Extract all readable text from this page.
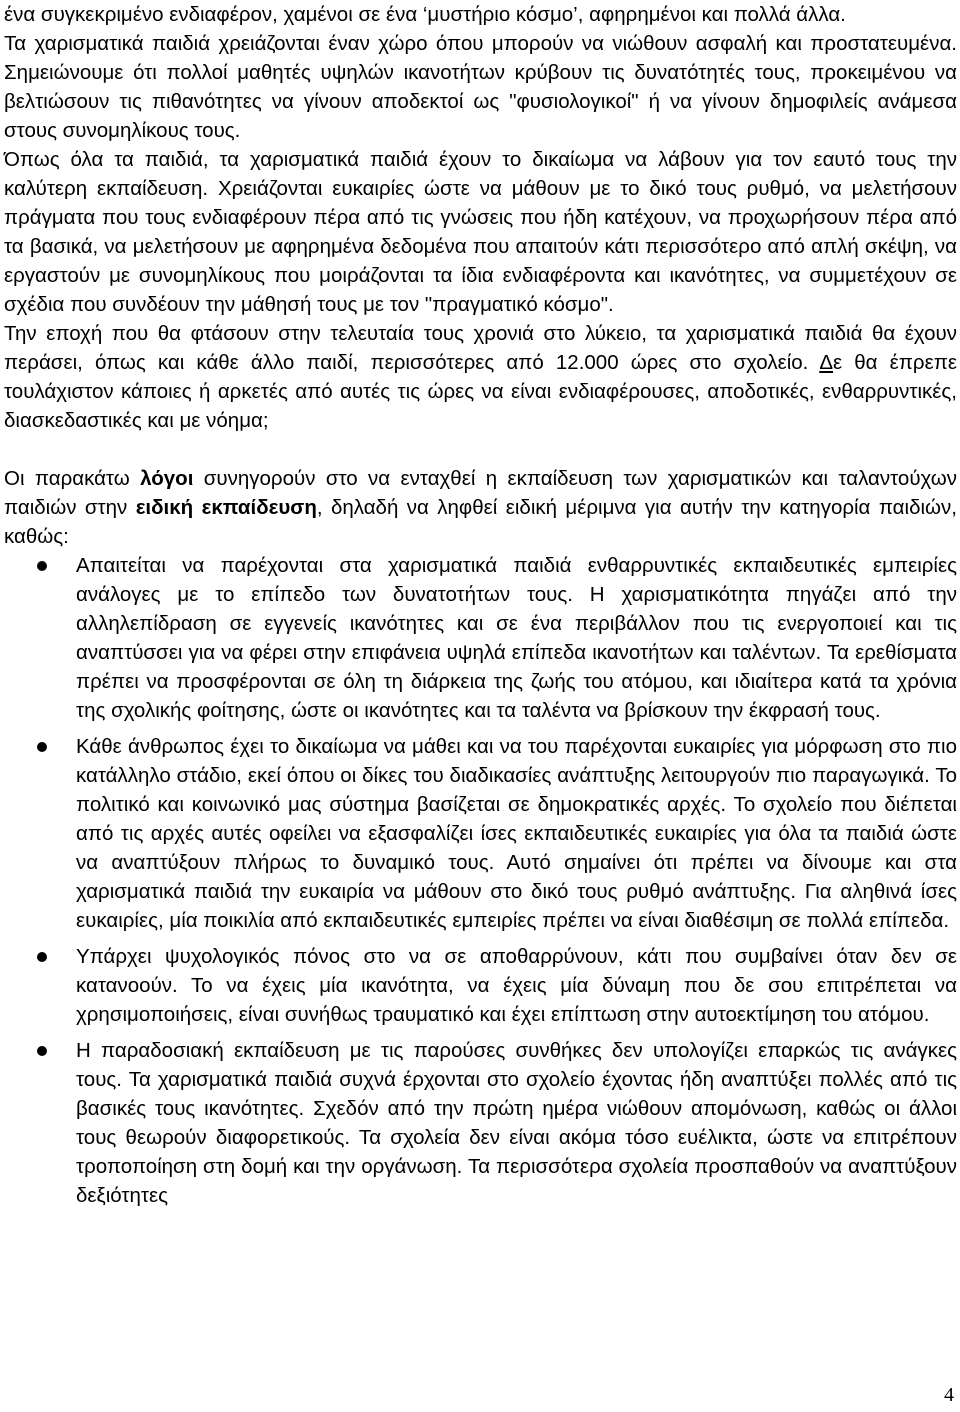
ένα συγκεκριμένο ενδιαφέρον, χαμένοι σε ένα ‘μυστήριο κόσμο’, αφηρημένοι και πολλά άλλα.

Τα χαρισματικά παιδιά χρειάζονται έναν χώρο όπου μπορούν να νιώθουν ασφαλή και προστατευμένα. Σημειώνουμε ότι πολλοί μαθητές υψηλών ικανοτήτων κρύβουν τις δυνατότητές τους, προκειμένου να βελτιώσουν τις πιθανότητες να γίνουν αποδεκτοί ως "φυσιολογικοί" ή να γίνουν δημοφιλείς ανάμεσα στους συνομηλίκους τους.

Όπως όλα τα παιδιά, τα χαρισματικά παιδιά έχουν το δικαίωμα να λάβουν για τον εαυτό τους την καλύτερη εκπαίδευση. Χρειάζονται ευκαιρίες ώστε να μάθουν με το δικό τους ρυθμό, να μελετήσουν πράγματα που τους ενδιαφέρουν πέρα από τις γνώσεις που ήδη κατέχουν, να προχωρήσουν πέρα από τα βασικά, να μελετήσουν με αφηρημένα δεδομένα που απαιτούν κάτι περισσότερο από απλή σκέψη, να εργαστούν με συνομηλίκους που μοιράζονται τα ίδια ενδιαφέροντα και ικανότητες, να συμμετέχουν σε σχέδια που συνδέουν την μάθησή τους με τον "πραγματικό κόσμο".

Την εποχή που θα φτάσουν στην τελευταία τους χρονιά στο λύκειο, τα χαρισματικά παιδιά θα έχουν περάσει, όπως και κάθε άλλο παιδί, περισσότερες από 12.000 ώρες στο σχολείο. Δε θα έπρεπε τουλάχιστον κάποιες ή αρκετές από αυτές τις ώρες να είναι ενδιαφέρουσες, αποδοτικές, ενθαρρυντικές, διασκεδαστικές και με νόημα;

Οι παρακάτω λόγοι συνηγορούν στο να ενταχθεί η εκπαίδευση των χαρισματικών και ταλαντούχων παιδιών στην ειδική εκπαίδευση, δηλαδή να ληφθεί ειδική μέριμνα για αυτήν την κατηγορία παιδιών, καθώς:

Απαιτείται να παρέχονται στα χαρισματικά παιδιά ενθαρρυντικές εκπαιδευτικές εμπειρίες ανάλογες με το επίπεδο των δυνατοτήτων τους. Η χαρισματικότητα πηγάζει από την αλληλεπίδραση σε εγγενείς ικανότητες και σε ένα περιβάλλον που τις ενεργοποιεί και τις αναπτύσσει για να φέρει στην επιφάνεια υψηλά επίπεδα ικανοτήτων και ταλέντων. Τα ερεθίσματα πρέπει να προσφέρονται σε όλη τη διάρκεια της ζωής του ατόμου, και ιδιαίτερα κατά τα χρόνια της σχολικής φοίτησης, ώστε οι ικανότητες και τα ταλέντα να βρίσκουν την έκφρασή τους.
Κάθε άνθρωπος έχει το δικαίωμα να μάθει και να του παρέχονται ευκαιρίες για μόρφωση στο πιο κατάλληλο στάδιο, εκεί όπου οι δίκες του διαδικασίες ανάπτυξης λειτουργούν πιο παραγωγικά. Το πολιτικό και κοινωνικό μας σύστημα βασίζεται σε δημοκρατικές αρχές. Το σχολείο που διέπεται από τις αρχές αυτές οφείλει να εξασφαλίζει ίσες εκπαιδευτικές ευκαιρίες για όλα τα παιδιά ώστε να αναπτύξουν πλήρως το δυναμικό τους. Αυτό σημαίνει ότι πρέπει να δίνουμε και στα χαρισματικά παιδιά την ευκαιρία να μάθουν στο δικό τους ρυθμό ανάπτυξης. Για αληθινά ίσες ευκαιρίες, μία ποικιλία από εκπαιδευτικές εμπειρίες πρέπει να είναι διαθέσιμη σε πολλά επίπεδα.
Υπάρχει ψυχολογικός πόνος στο να σε αποθαρρύνουν, κάτι που συμβαίνει όταν δεν σε κατανοούν. Το να έχεις μία ικανότητα, να έχεις μία δύναμη που δε σου επιτρέπεται να χρησιμοποιήσεις, είναι συνήθως τραυματικό και έχει επίπτωση στην αυτοεκτίμηση του ατόμου.
Η παραδοσιακή εκπαίδευση με τις παρούσες συνθήκες δεν υπολογίζει επαρκώς τις ανάγκες τους. Τα χαρισματικά παιδιά συχνά έρχονται στο σχολείο έχοντας ήδη αναπτύξει πολλές από τις βασικές τους ικανότητες. Σχεδόν από την πρώτη ημέρα νιώθουν απομόνωση, καθώς οι άλλοι τους θεωρούν διαφορετικούς. Τα σχολεία δεν είναι ακόμα τόσο ευέλικτα, ώστε να επιτρέπουν τροποποίηση στη δομή και την οργάνωση. Τα περισσότερα σχολεία προσπαθούν να αναπτύξουν δεξιότητες
4
